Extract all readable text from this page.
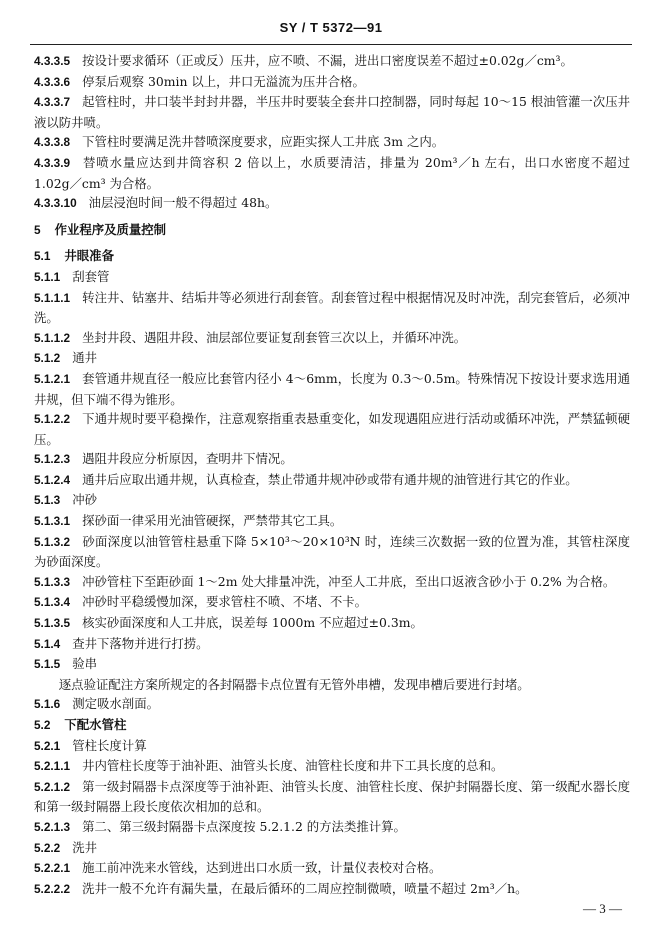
SY / T 5372—91

4.3.3.5 按设计要求循环（正或反）压井，应不喷、不漏，进出口密度误差不超过±0.02g／cm³。

4.3.3.6 停泵后观察 30min 以上，井口无溢流为压井合格。

4.3.3.7 起管柱时，井口装半封封井器，半压井时要装全套井口控制器，同时每起 10～15 根油管灌一次压井液以防井喷。

4.3.3.8 下管柱时要满足洗井替喷深度要求，应距实探人工井底 3m 之内。

4.3.3.9 替喷水量应达到井筒容积 2 倍以上，水质要清洁，排量为 20m³／h 左右，出口水密度不超过 1.02g／cm³ 为合格。

4.3.3.10 油层浸泡时间一般不得超过 48h。

5 作业程序及质量控制

5.1 井眼准备

5.1.1 刮套管

5.1.1.1 转注井、钻塞井、结垢井等必须进行刮套管。刮套管过程中根据情况及时冲洗，刮完套管后，必须冲洗。

5.1.1.2 坐封井段、遇阻井段、油层部位要证复刮套管三次以上，并循环冲洗。

5.1.2 通井

5.1.2.1 套管通井规直径一般应比套管内径小 4～6mm，长度为 0.3～0.5m。特殊情况下按设计要求选用通井规，但下端不得为锥形。

5.1.2.2 下通井规时要平稳操作，注意观察指重表悬重变化，如发现遇阻应进行活动或循环冲洗，严禁猛顿硬压。

5.1.2.3 遇阻井段应分析原因，查明井下情况。

5.1.2.4 通井后应取出通井规，认真检查，禁止带通井规冲砂或带有通井规的油管进行其它的作业。

5.1.3 冲砂

5.1.3.1 探砂面一律采用光油管硬探，严禁带其它工具。

5.1.3.2 砂面深度以油管管柱悬重下降 5×10³～20×10³N 时，连续三次数据一致的位置为准，其管柱深度为砂面深度。

5.1.3.3 冲砂管柱下至距砂面 1～2m 处大排量冲洗，冲至人工井底，至出口返液含砂小于 0.2% 为合格。

5.1.3.4 冲砂时平稳缓慢加深，要求管柱不喷、不堵、不卡。

5.1.3.5 核实砂面深度和人工井底，误差每 1000m 不应超过±0.3m。

5.1.4 查井下落物并进行打捞。

5.1.5 验串

逐点验证配注方案所规定的各封隔器卡点位置有无管外串槽，发现串槽后要进行封堵。

5.1.6 测定吸水剖面。

5.2 下配水管柱

5.2.1 管柱长度计算

5.2.1.1 井内管柱长度等于油补距、油管头长度、油管柱长度和井下工具长度的总和。

5.2.1.2 第一级封隔器卡点深度等于油补距、油管头长度、油管柱长度、保护封隔器长度、第一级配水器长度和第一级封隔器上段长度依次相加的总和。

5.2.1.3 第二、第三级封隔器卡点深度按 5.2.1.2 的方法类推计算。

5.2.2 洗井

5.2.2.1 施工前冲洗来水管线，达到进出口水质一致，计量仪表校对合格。

5.2.2.2 洗井一般不允许有漏失量，在最后循环的二周应控制微喷，喷量不超过 2m³／h。

— 3 —
